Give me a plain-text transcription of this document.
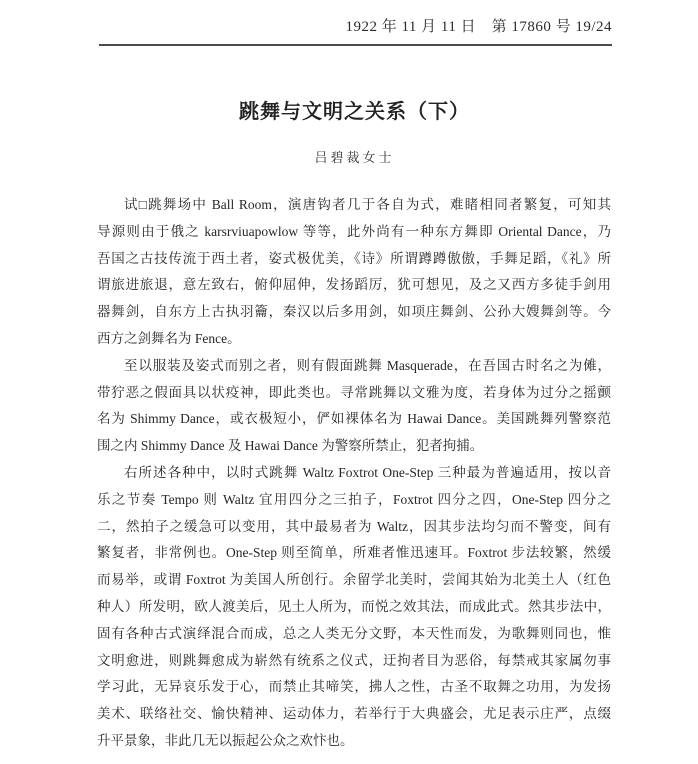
1922 年 11 月 11 日　第 17860 号 19/24
跳舞与文明之关系（下）
吕碧裁女士
试□跳舞场中 Ball Room，演唐钩者几于各自为式，难睹相同者繁复，可知其
导源则由于俄之 karsrviuapowlow 等等，此外尚有一种东方舞即 Oriental Dance，乃
吾国之古技传流于西土者，姿式极优美，《诗》所谓蹲蹲傲傲，手舞足蹈，《礼》所
谓旅进旅退，意左致右，俯仰屈伸，发扬蹈厉，犹可想见，及之又西方多徒手剑用
器舞剑，自东方上古执羽籥，秦汉以后多用剑，如项庄舞剑、公孙大嫂舞剑等。今
西方之剑舞名为 Fence。
至以服装及姿式而别之者，则有假面跳舞 Masquerade，在吾国古时名之为傩，
带狞恶之假面具以状疫神，即此类也。寻常跳舞以文雅为度，若身体为过分之摇颤
名为 Shimmy Dance，或衣极短小，俨如裸体名为 Hawai Dance。美国跳舞列警察范
围之内 Shimmy Dance 及 Hawai Dance 为警察所禁止，犯者拘捕。
右所述各种中，以时式跳舞 Waltz Foxtrot One-Step 三种最为普遍适用，按以音
乐之节奏 Tempo 则 Waltz 宜用四分之三拍子，Foxtrot 四分之四，One-Step 四分之
二，然拍子之缓急可以变用，其中最易者为 Waltz，因其步法均匀而不警变，间有
繁复者，非常例也。One-Step 则至简单，所难者惟迅速耳。Foxtrot 步法较繁，然缓
而易举，或谓 Foxtrot 为美国人所创行。余留学北美时，尝闻其始为北美土人（红色
种人）所发明，欧人渡美后，见土人所为，而悦之效其法，而成此式。然其步法中，
固有各种古式演绎混合而成，总之人类无分文野，本天性而发，为歌舞则同也，惟
文明愈进，则跳舞愈成为崭然有统系之仪式，迂拘者目为恶俗，每禁戒其家属勿事
学习此，无异哀乐发于心，而禁止其啼笑，拂人之性，古圣不取舞之功用，为发扬
美术、联络社交、愉快精神、运动体力，若举行于大典盛会，尤足表示庄严，点缀
升平景象，非此几无以振起公众之欢忭也。
